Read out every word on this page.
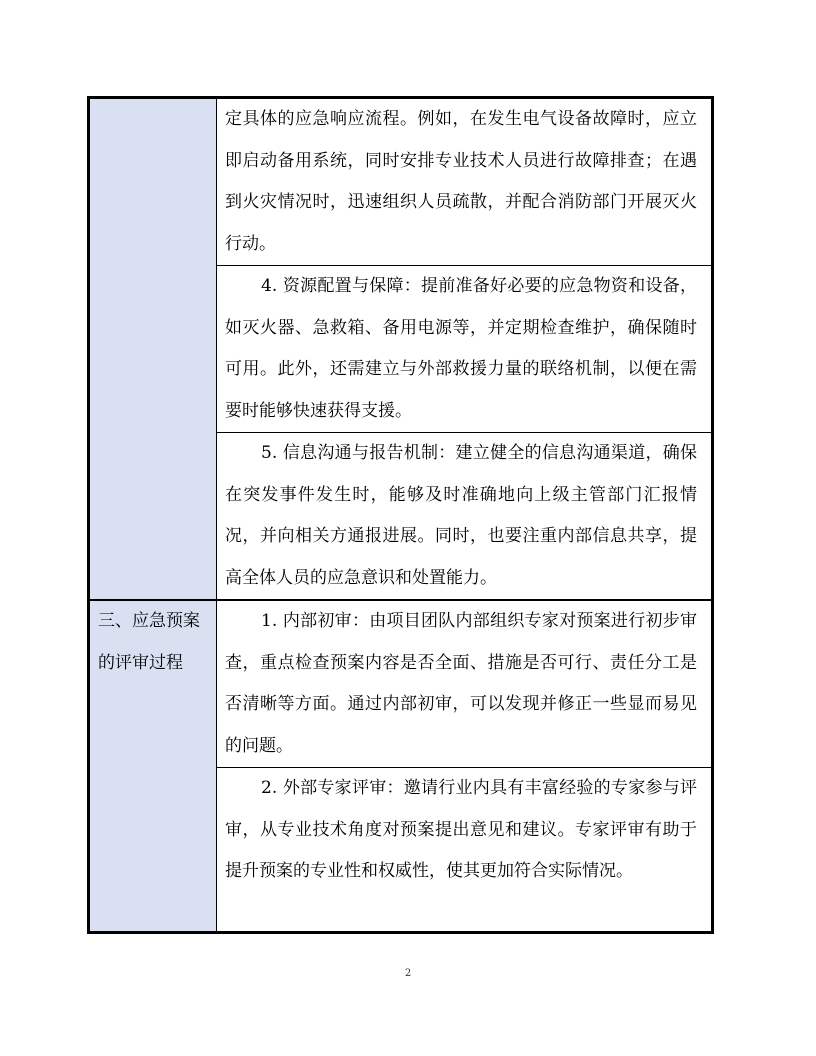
	定具体的应急响应流程。例如，在发生电气设备故障时，应立即启动备用系统，同时安排专业技术人员进行故障排查；在遇到火灾情况时，迅速组织人员疏散，并配合消防部门开展灭火行动。

	4. 资源配置与保障：提前准备好必要的应急物资和设备，如灭火器、急救箱、备用电源等，并定期检查维护，确保随时可用。此外，还需建立与外部救援力量的联络机制，以便在需要时能够快速获得支援。

	5. 信息沟通与报告机制：建立健全的信息沟通渠道，确保在突发事件发生时，能够及时准确地向上级主管部门汇报情况，并向相关方通报进展。同时，也要注重内部信息共享，提高全体人员的应急意识和处置能力。

三、应急预案的评审过程	1. 内部初审：由项目团队内部组织专家对预案进行初步审查，重点检查预案内容是否全面、措施是否可行、责任分工是否清晰等方面。通过内部初审，可以发现并修正一些显而易见的问题。

	2. 外部专家评审：邀请行业内具有丰富经验的专家参与评审，从专业技术角度对预案提出意见和建议。专家评审有助于提升预案的专业性和权威性，使其更加符合实际情况。

2
